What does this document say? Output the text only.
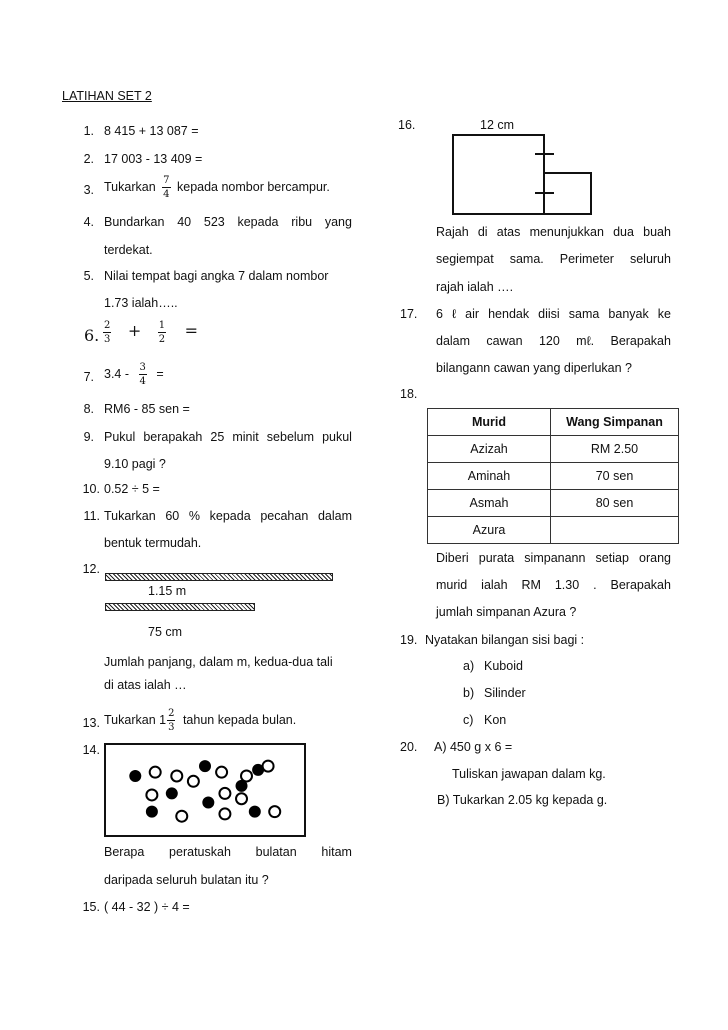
LATIHAN SET 2
1. 8 415 + 13 087 =
2. 17 003 - 13 409 =
3. Tukarkan $\frac{7}{4}$ kepada nombor bercampur.
4. Bundarkan 40 523 kepada ribu yang
terdekat.
5. Nilai tempat bagi angka 7 dalam nombor
1.73 ialah…..
6. $\frac{2}{3} + \frac{1}{2}$ =
7. $3.4 - \frac{3}{4}$ =
8. RM6 - 85 sen =
9. Pukul berapakah 25 minit sebelum pukul
9.10 pagi ?
10. 0.52 ÷ 5 =
11. Tukarkan 60 % kepada pecahan dalam
bentuk termudah.
12.
1.15 m
75 cm
Jumlah panjang, dalam m, kedua-dua tali
di atas ialah …
13. Tukarkan $1 \frac{2}{3}$ tahun kepada bulan.
14.
Berapa peratuskah bulatan hitam
daripada seluruh bulatan itu ?
15. ( 44 - 32 ) ÷ 4 =
16.	12 cm
Rajah di atas menunjukkan dua buah
segiempat sama. Perimeter seluruh
rajah ialah ….
17. 6 ℓ air hendak diisi sama banyak ke
dalam cawan 120 mℓ. Berapakah
bilangann cawan yang diperlukan ?
18.
Murid	Wang Simpanan
Azizah	RM 2.50
Aminah	70 sen
Asmah	80 sen
Azura	
Diberi purata simpanann setiap orang
murid ialah RM 1.30 . Berapakah
jumlah simpanan Azura ?
19. Nyatakan bilangan sisi bagi :
a) Kuboid
b) Silinder
c) Kon
20. A) 450 g x 6 =
Tuliskan jawapan dalam kg.
B) Tukarkan 2.05 kg kepada g.
